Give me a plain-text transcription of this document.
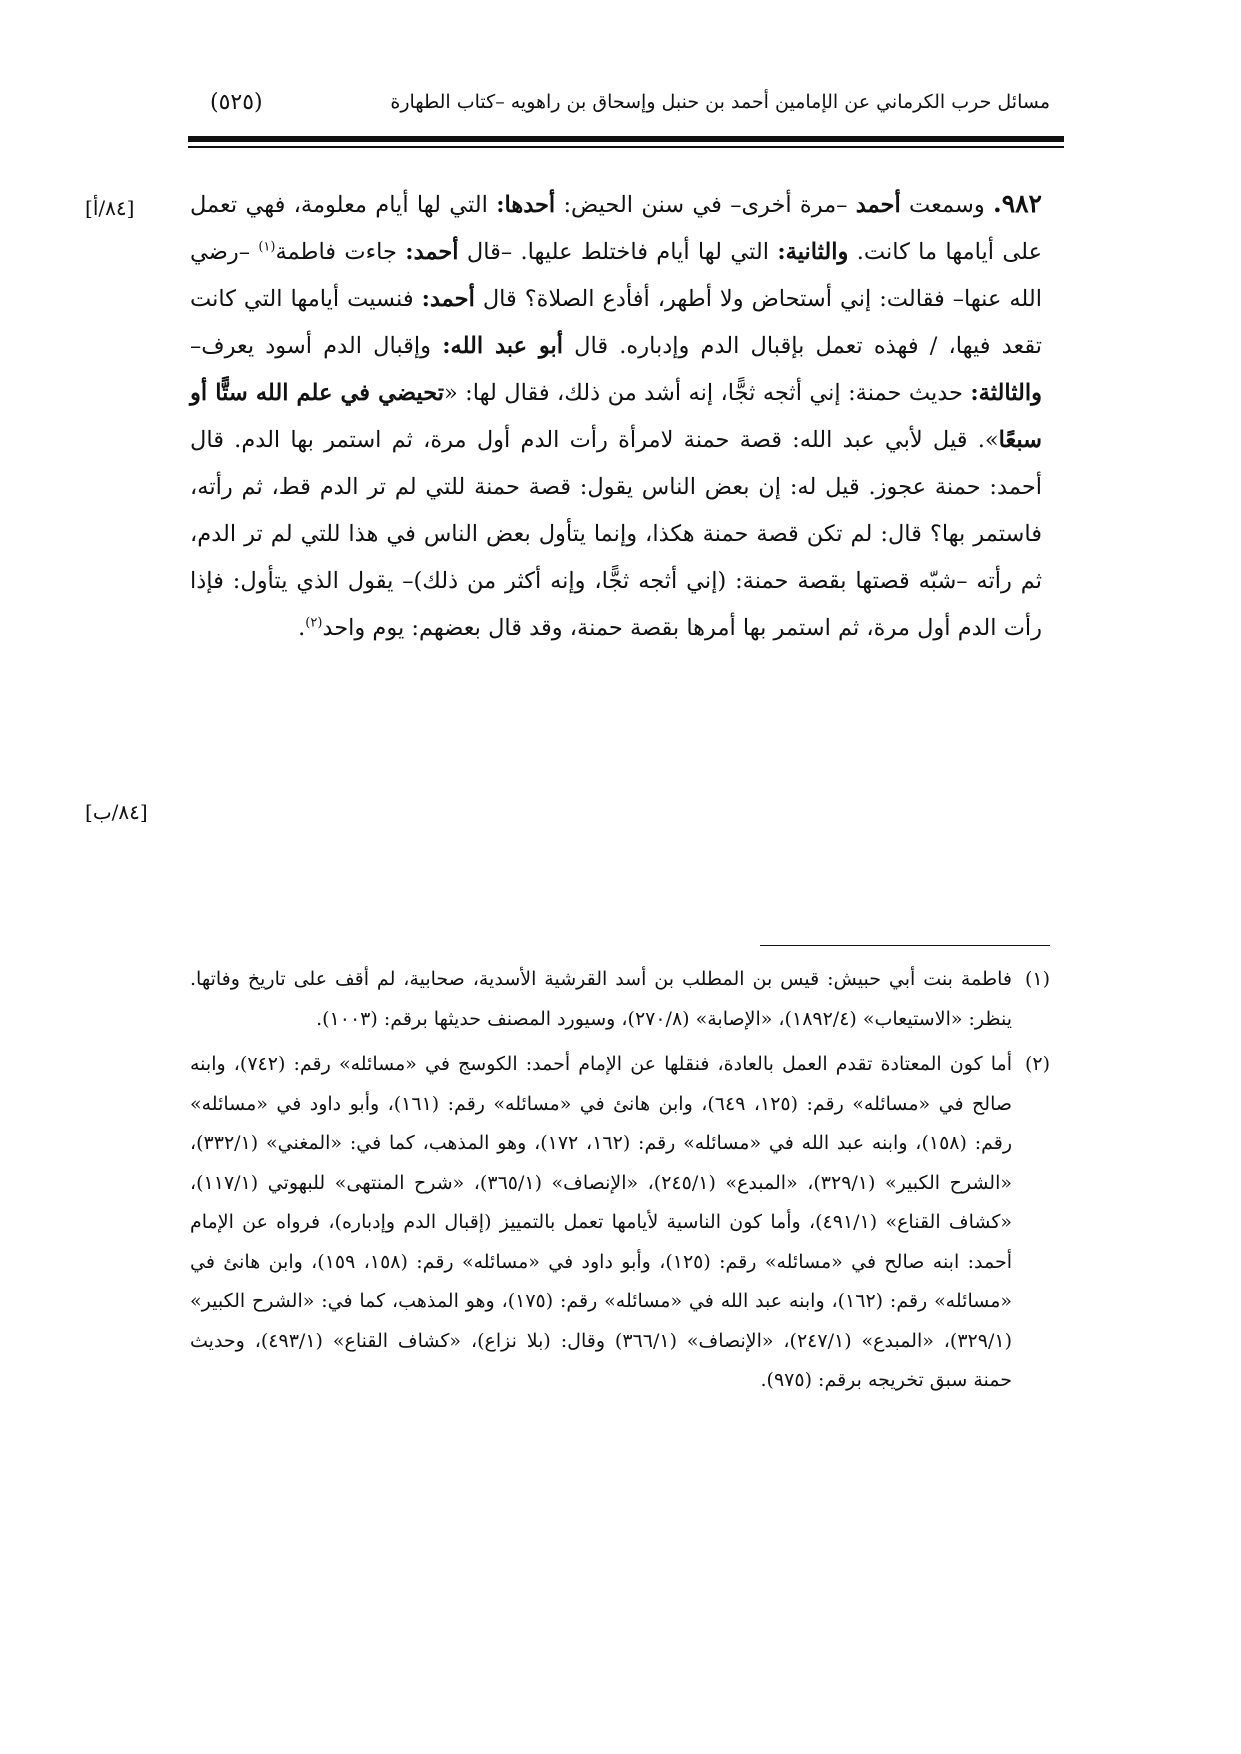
مسائل حرب الكرماني عن الإمامين أحمد بن حنبل وإسحاق بن راهويه –كتاب الطهارة
(٥٢٥)
[٨٤/أ]
[٨٤/ب]

٩٨٢. وسمعت أحمد –مرة أخرى– في سنن الحيض: أحدها: التي لها أيام معلومة، فهي تعمل على أيامها ما كانت. والثانية: التي لها أيام فاختلط عليها. –قال أحمد: جاءت فاطمة$^{(١)}$ –رضي الله عنها– فقالت: إني أستحاض ولا أطهر، أفأدع الصلاة؟ قال أحمد: فنسيت أيامها التي كانت تقعد فيها، / فهذه تعمل بإقبال الدم وإدباره. قال أبو عبد الله: وإقبال الدم أسود يعرف– والثالثة: حديث حمنة: إني أثجه ثجًّا، إنه أشد من ذلك، فقال لها: «تحيضي في علم الله ستًّا أو سبعًا». قيل لأبي عبد الله: قصة حمنة لامرأة رأت الدم أول مرة، ثم استمر بها الدم. قال أحمد: حمنة عجوز. قيل له: إن بعض الناس يقول: قصة حمنة للتي لم تر الدم قط، ثم رأته، فاستمر بها؟ قال: لم تكن قصة حمنة هكذا، وإنما يتأول بعض الناس في هذا للتي لم تر الدم، ثم رأته –شبّه قصتها بقصة حمنة: (إني أثجه ثجًّا، وإنه أكثر من ذلك)– يقول الذي يتأول: فإذا رأت الدم أول مرة، ثم استمر بها أمرها بقصة حمنة، وقد قال بعضهم: يوم واحد$^{(٢)}$.

(١)
فاطمة بنت أبي حبيش: قيس بن المطلب بن أسد القرشية الأسدية، صحابية، لم أقف على تاريخ وفاتها. ينظر: «الاستيعاب» (١٨٩٢/٤)، «الإصابة» (٢٧٠/٨)، وسيورد المصنف حديثها برقم: (١٠٠٣).

(٢)
أما كون المعتادة تقدم العمل بالعادة، فنقلها عن الإمام أحمد: الكوسج في «مسائله» رقم: (٧٤٢)، وابنه صالح في «مسائله» رقم: (١٢٥، ٦٤٩)، وابن هانئ في «مسائله» رقم: (١٦١)، وأبو داود في «مسائله» رقم: (١٥٨)، وابنه عبد الله في «مسائله» رقم: (١٦٢، ١٧٢)، وهو المذهب، كما في: «المغني» (٣٣٢/١)، «الشرح الكبير» (٣٢٩/١)، «المبدع» (٢٤٥/١)، «الإنصاف» (٣٦٥/١)، «شرح المنتهى» للبهوتي (١١٧/١)، «كشاف القناع» (٤٩١/١)، وأما كون الناسية لأيامها تعمل بالتمييز (إقبال الدم وإدباره)، فرواه عن الإمام أحمد: ابنه صالح في «مسائله» رقم: (١٢٥)، وأبو داود في «مسائله» رقم: (١٥٨، ١٥٩)، وابن هانئ في «مسائله» رقم: (١٦٢)، وابنه عبد الله في «مسائله» رقم: (١٧٥)، وهو المذهب، كما في: «الشرح الكبير» (٣٢٩/١)، «المبدع» (٢٤٧/١)، «الإنصاف» (٣٦٦/١) وقال: (بلا نزاع)، «كشاف القناع» (٤٩٣/١)، وحديث حمنة سبق تخريجه برقم: (٩٧٥).
